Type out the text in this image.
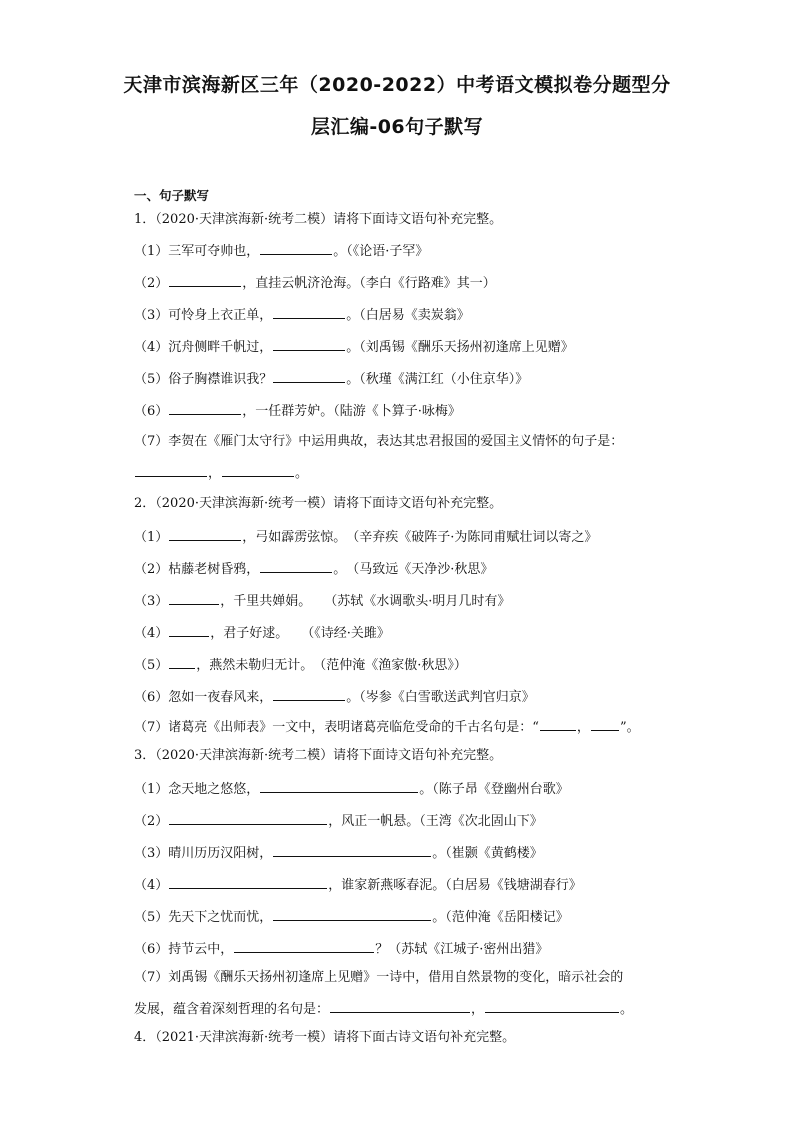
天津市滨海新区三年（2020-2022）中考语文模拟卷分题型分
层汇编-06句子默写
一、句子默写
1．（2020·天津滨海新·统考二模）请将下面诗文语句补充完整。
（1）三军可夺帅也，	。（《论语·子罕》
（2）	，直挂云帆济沧海。（李白《行路难》其一）
（3）可怜身上衣正单，	。（白居易《卖炭翁》
（4）沉舟侧畔千帆过，	。（刘禹锡《酬乐天扬州初逢席上见赠》
（5）俗子胸襟谁识我？	。（秋瑾《满江红（小住京华）》
（6）	，一任群芳妒。（陆游《卜算子·咏梅》
（7）李贺在《雁门太守行》中运用典故，表达其忠君报国的爱国主义情怀的句子是：
，	。
2．（2020·天津滨海新·统考一模）请将下面诗文语句补充完整。
（1）	，弓如霹雳弦惊。　（辛弃疾《破阵子·为陈同甫赋壮词以寄之》
（2）枯藤老树昏鸦，	。　（马致远《天净沙·秋思》
（3）	，千里共婵娟。　　（苏轼《水调歌头·明月几时有》
（4）	，君子好逑。　　（《诗经·关雎》
（5） ，燕然未勒归无计。　（范仲淹《渔家傲·秋思》）
（6）忽如一夜春风来，	。（岑参《白雪歌送武判官归京》
（7）诸葛亮《出师表》一文中，表明诸葛亮临危受命的千古名句是：“	， ”。
3．（2020·天津滨海新·统考二模）请将下面诗文语句补充完整。
（1）念天地之悠悠，	。（陈子昂《登幽州台歌》
（2）	，风正一帆悬。（王湾《次北固山下》
（3）晴川历历汉阳树，	。（崔颢《黄鹤楼》
（4）	，谁家新燕啄春泥。（白居易《钱塘湖春行》
（5）先天下之忧而忧，	。（范仲淹《岳阳楼记》
（6）持节云中，	？（苏轼《江城子·密州出猎》
（7）刘禹锡《酬乐天扬州初逢席上见赠》一诗中，借用自然景物的变化，暗示社会的
发展，蕴含着深刻哲理的名句是：	，	。
4．（2021·天津滨海新·统考一模）请将下面古诗文语句补充完整。
